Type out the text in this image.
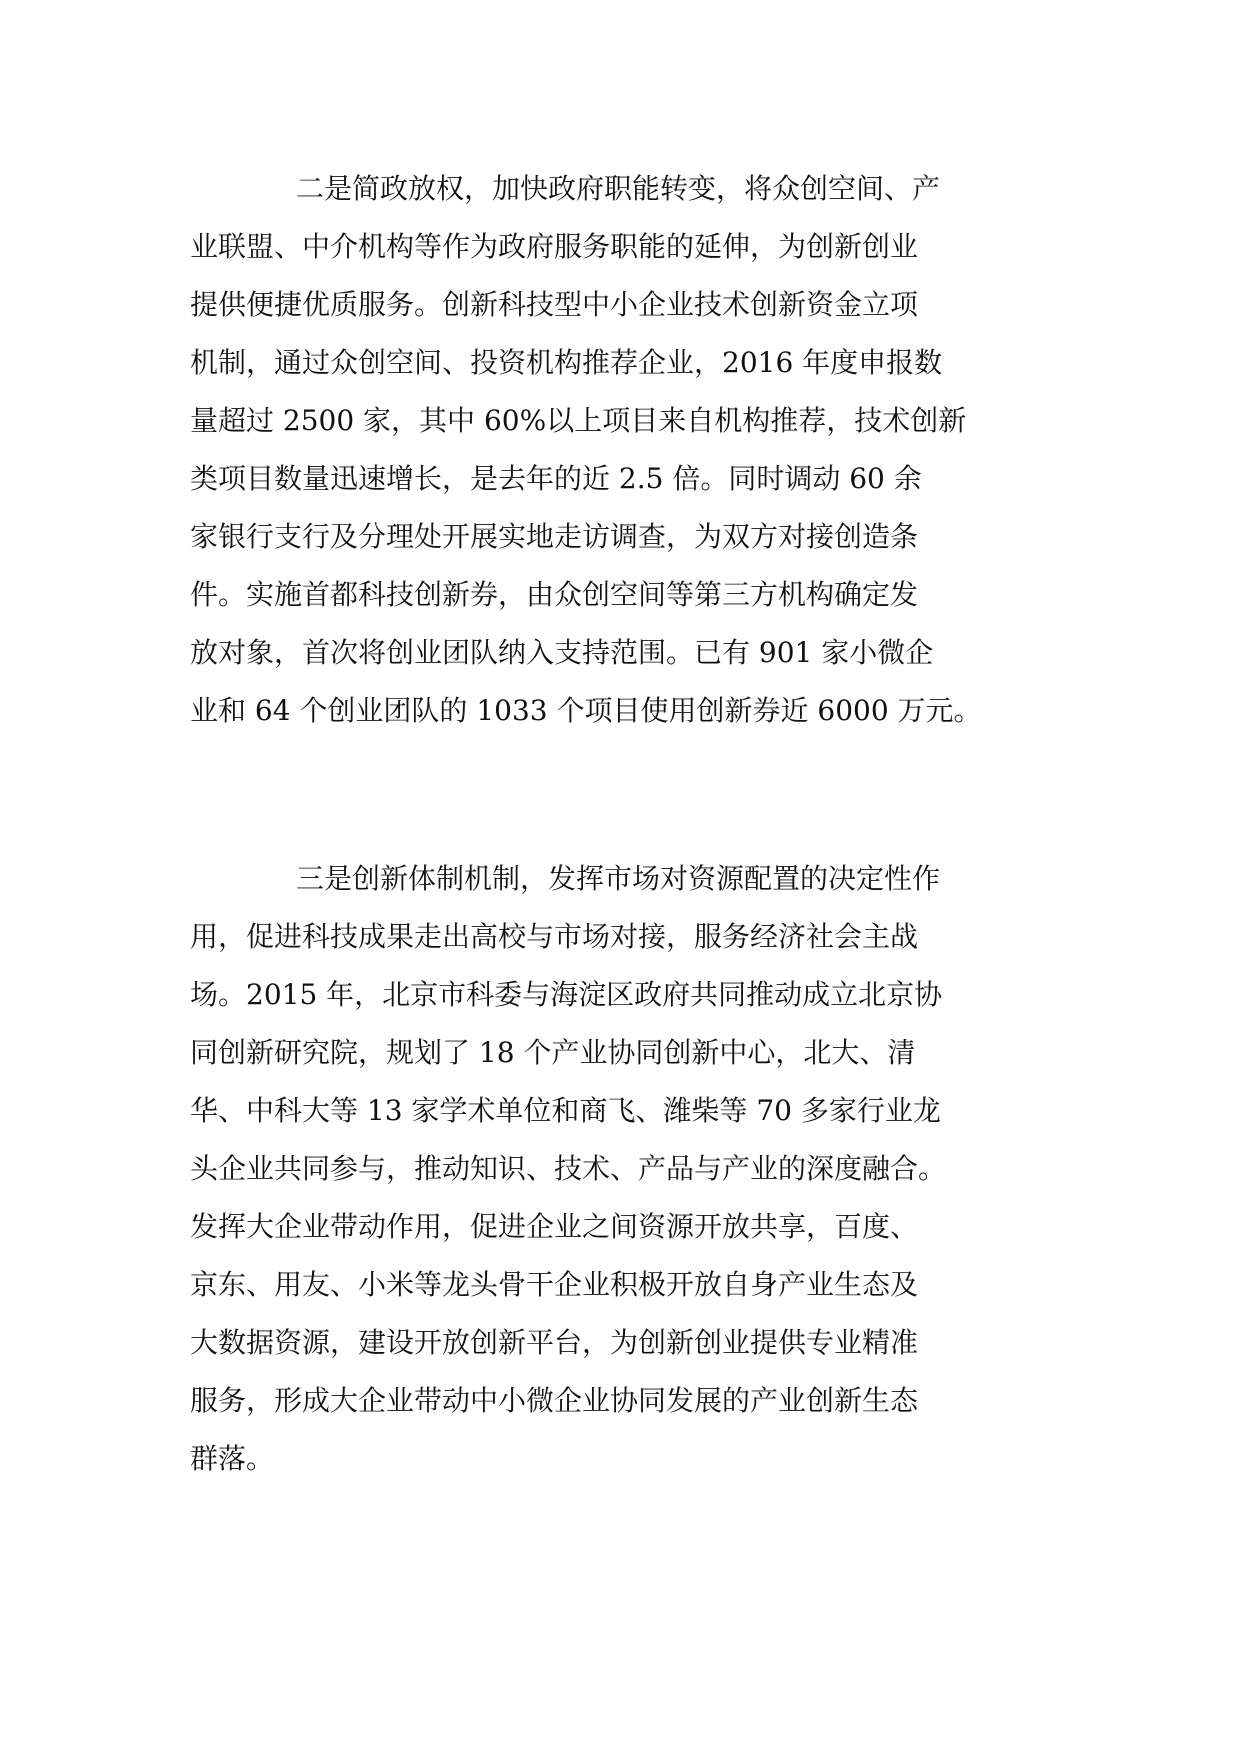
二是简政放权，加快政府职能转变，将众创空间、产
业联盟、中介机构等作为政府服务职能的延伸，为创新创业
提供便捷优质服务。创新科技型中小企业技术创新资金立项
机制，通过众创空间、投资机构推荐企业，2016 年度申报数
量超过 2500 家，其中 60%以上项目来自机构推荐，技术创新
类项目数量迅速增长，是去年的近 2.5 倍。同时调动 60 余
家银行支行及分理处开展实地走访调查，为双方对接创造条
件。实施首都科技创新券，由众创空间等第三方机构确定发
放对象，首次将创业团队纳入支持范围。已有 901 家小微企
业和 64 个创业团队的 1033 个项目使用创新券近 6000 万元。
三是创新体制机制，发挥市场对资源配置的决定性作
用，促进科技成果走出高校与市场对接，服务经济社会主战
场。2015 年，北京市科委与海淀区政府共同推动成立北京协
同创新研究院，规划了 18 个产业协同创新中心，北大、清
华、中科大等 13 家学术单位和商飞、潍柴等 70 多家行业龙
头企业共同参与，推动知识、技术、产品与产业的深度融合。
发挥大企业带动作用，促进企业之间资源开放共享，百度、
京东、用友、小米等龙头骨干企业积极开放自身产业生态及
大数据资源，建设开放创新平台，为创新创业提供专业精准
服务，形成大企业带动中小微企业协同发展的产业创新生态
群落。
